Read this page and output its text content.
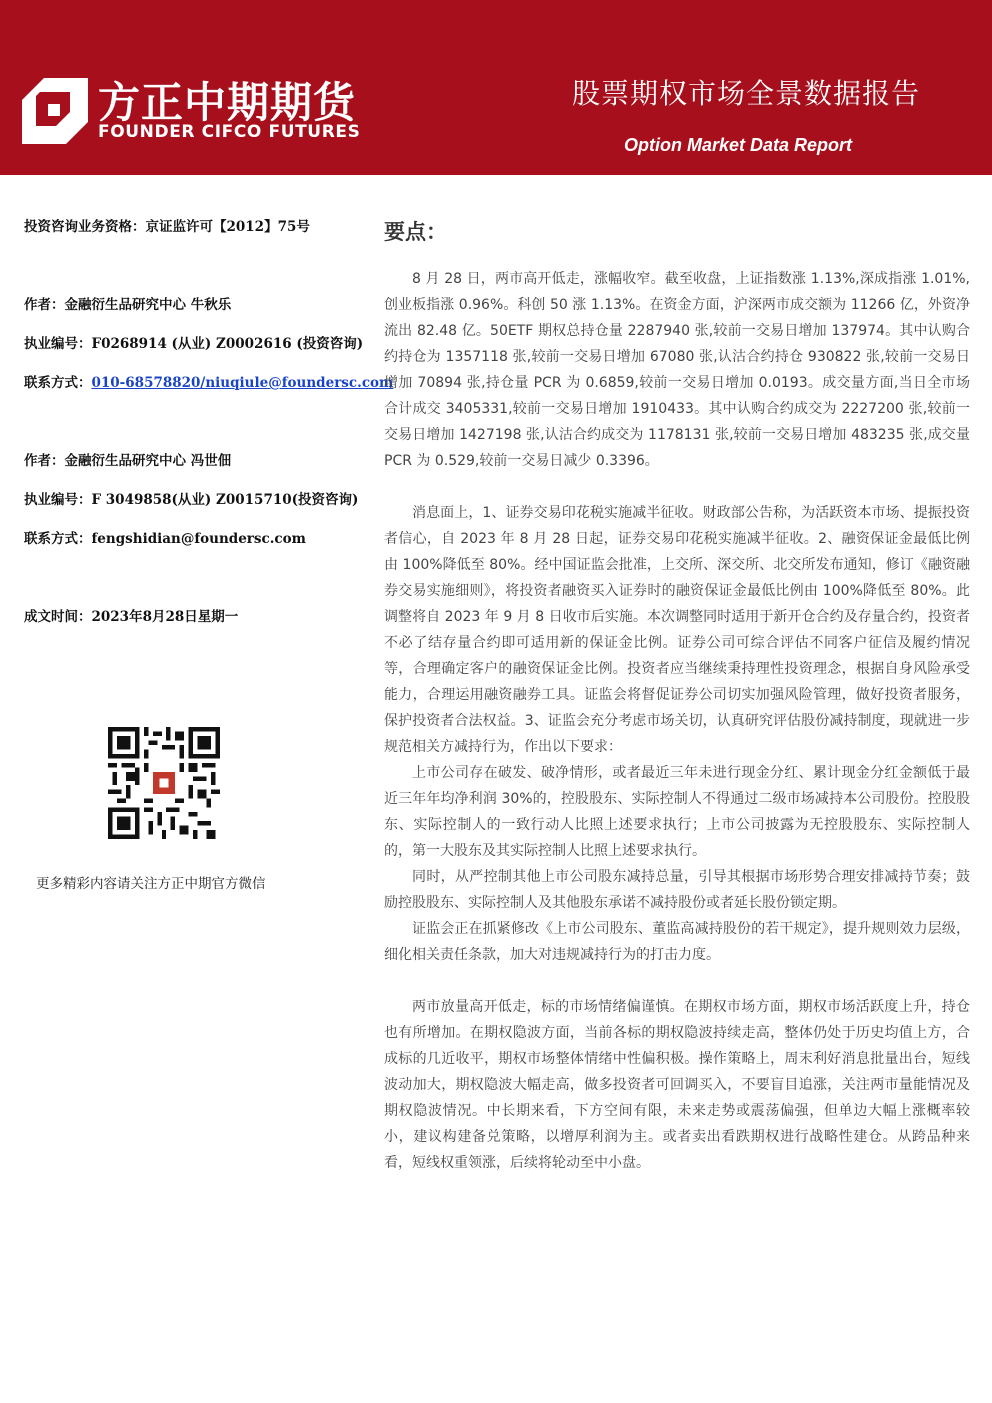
方正中期期货
FOUNDER CIFCO FUTURES
股票期权市场全景数据报告
Option Market Data Report
投资咨询业务资格：京证监许可【2012】75号
作者：金融衍生品研究中心 牛秋乐
执业编号：F0268914 (从业) Z0002616 (投资咨询)
联系方式：010-68578820/niuqiule@foundersc.com
作者：金融衍生品研究中心 冯世佃
执业编号：F 3049858(从业) Z0015710(投资咨询)
联系方式：fengshidian@foundersc.com
成文时间：2023年8月28日星期一
更多精彩内容请关注方正中期官方微信
要点：

8 月 28 日，两市高开低走，涨幅收窄。截至收盘，上证指数涨 1.13%,深成指涨 1.01%,创业板指涨 0.96%。科创 50 涨 1.13%。在资金方面，沪深两市成交额为 11266 亿，外资净流出 82.48 亿。50ETF 期权总持仓量 2287940 张,较前一交易日增加 137974。其中认购合约持仓为 1357118 张,较前一交易日增加 67080 张,认沽合约持仓 930822 张,较前一交易日增加 70894 张,持仓量 PCR 为 0.6859,较前一交易日增加 0.0193。成交量方面,当日全市场合计成交 3405331,较前一交易日增加 1910433。其中认购合约成交为 2227200 张,较前一交易日增加 1427198 张,认沽合约成交为 1178131 张,较前一交易日增加 483235 张,成交量 PCR 为 0.529,较前一交易日减少 0.3396。

消息面上，1、证券交易印花税实施减半征收。财政部公告称，为活跃资本市场、提振投资者信心，自 2023 年 8 月 28 日起，证券交易印花税实施减半征收。2、融资保证金最低比例由 100%降低至 80%。经中国证监会批准，上交所、深交所、北交所发布通知，修订《融资融券交易实施细则》，将投资者融资买入证券时的融资保证金最低比例由 100%降低至 80%。此调整将自 2023 年 9 月 8 日收市后实施。本次调整同时适用于新开仓合约及存量合约，投资者不必了结存量合约即可适用新的保证金比例。证券公司可综合评估不同客户征信及履约情况等，合理确定客户的融资保证金比例。投资者应当继续秉持理性投资理念，根据自身风险承受能力，合理运用融资融券工具。证监会将督促证券公司切实加强风险管理，做好投资者服务，保护投资者合法权益。3、证监会充分考虑市场关切，认真研究评估股份减持制度，现就进一步规范相关方减持行为，作出以下要求：

上市公司存在破发、破净情形，或者最近三年未进行现金分红、累计现金分红金额低于最近三年年均净利润 30%的，控股股东、实际控制人不得通过二级市场减持本公司股份。控股股东、实际控制人的一致行动人比照上述要求执行；上市公司披露为无控股股东、实际控制人的，第一大股东及其实际控制人比照上述要求执行。

同时，从严控制其他上市公司股东减持总量，引导其根据市场形势合理安排减持节奏；鼓励控股股东、实际控制人及其他股东承诺不减持股份或者延长股份锁定期。

证监会正在抓紧修改《上市公司股东、董监高减持股份的若干规定》，提升规则效力层级，细化相关责任条款，加大对违规减持行为的打击力度。

两市放量高开低走，标的市场情绪偏谨慎。在期权市场方面，期权市场活跃度上升，持仓也有所增加。在期权隐波方面，当前各标的期权隐波持续走高，整体仍处于历史均值上方，合成标的几近收平，期权市场整体情绪中性偏积极。操作策略上，周末利好消息批量出台，短线波动加大，期权隐波大幅走高，做多投资者可回调买入，不要盲目追涨，关注两市量能情况及期权隐波情况。中长期来看，下方空间有限，未来走势或震荡偏强，但单边大幅上涨概率较小，建议构建备兑策略，以增厚利润为主。或者卖出看跌期权进行战略性建仓。从跨品种来看，短线权重领涨，后续将轮动至中小盘。
